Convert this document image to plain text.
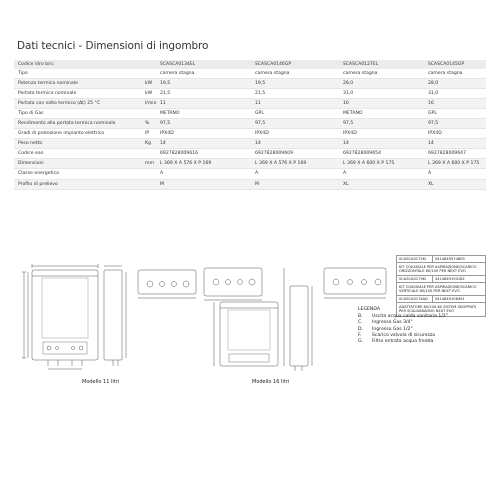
Dati tecnici - Dimensioni di ingombro
Codice idro bric	SCASCA0134EL	SCASCA0146GP	SCASCA0127EL	SCASCA0145GP
Tipo	camera stagna	camera stagna	camera stagna	camera stagna
Potenza termica nominale	kW 19,5	19,5	28,0	28,0
Portata termica nominale	kW 21,5	21,5	31,0	31,0
Portata con salto termico (Δt) 25 °C	l/min 11	11	16	16
Tipo di Gas	METANO	GPL	METANO	GPL
Rendimento alla portata termica nominale	% 97,5	97,5	97,5	97,5
Gradi di protezione impianto elettrico	IP IPX4D	IPX4D	IPX4D	IPX4D
Peso netto	Kg 14	14	14	14
Codice ean	6927828009616	6927828009609	6927828009654	6927828009647
Dimensioni	mm L 369 X A 576 X P 169	L 369 X A 576 X P 169	L 369 X A 600 X P 175	L 369 X A 600 X P 175
Classe energetica	A	A	A	A
Profilo di prelievo	M	M	XL	XL
Modello 11 litri	Modello 16 litri
SCASCA0172KI	5414849574809
KIT COASSIALE PER ASPIRAZIONE/SCARICO ORIZZONTALE 60/100 PER NEXT EVO
SCASCA0173KI	5414849190182
KIT COASSIALE PER ASPIRAZIONE/SCARICO VERTICALE 60/100 PER NEXT EVO
SCASCA0174AD	5414849106491
ADATTATORE 60/100-80 SISTEM SDOPPIATI PER SCALDABAGNO NEXT EVO
LEGENDA
B.	Uscita acqua calda sanitaria 1/2"
C.	Ingresso Gas 3/4"
D.	Ingresso Gas 1/2"
F.	Scarico valvola di sicurezza
G.	Filtro entrata acqua fredda
